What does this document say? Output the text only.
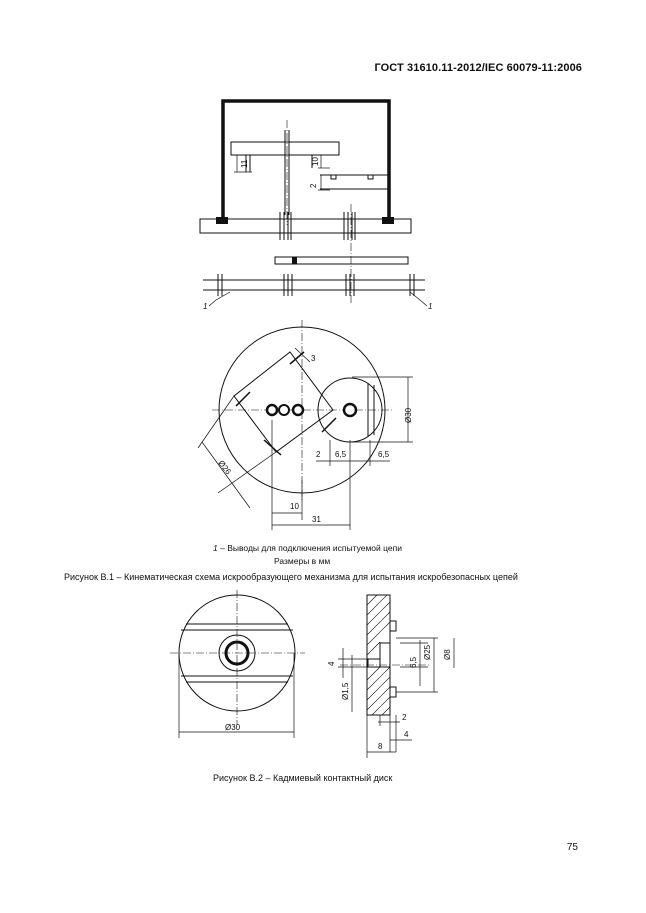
ГОСТ 31610.11-2012/IEC 60079-11:2006
1	1
11	10
2
3
Ø26
Ø30
2 6,5	6,5
10
31
Ø30
4
Ø1,5
6,5
Ø25 Ø8
2
4
8
1 – Выводы для подключения испытуемой цепи
Размеры в мм
Рисунок В.1 – Кинематическая схема искрообразующего механизма для испытания искробезопасных цепей
Рисунок В.2 – Кадмиевый контактный диск
75
